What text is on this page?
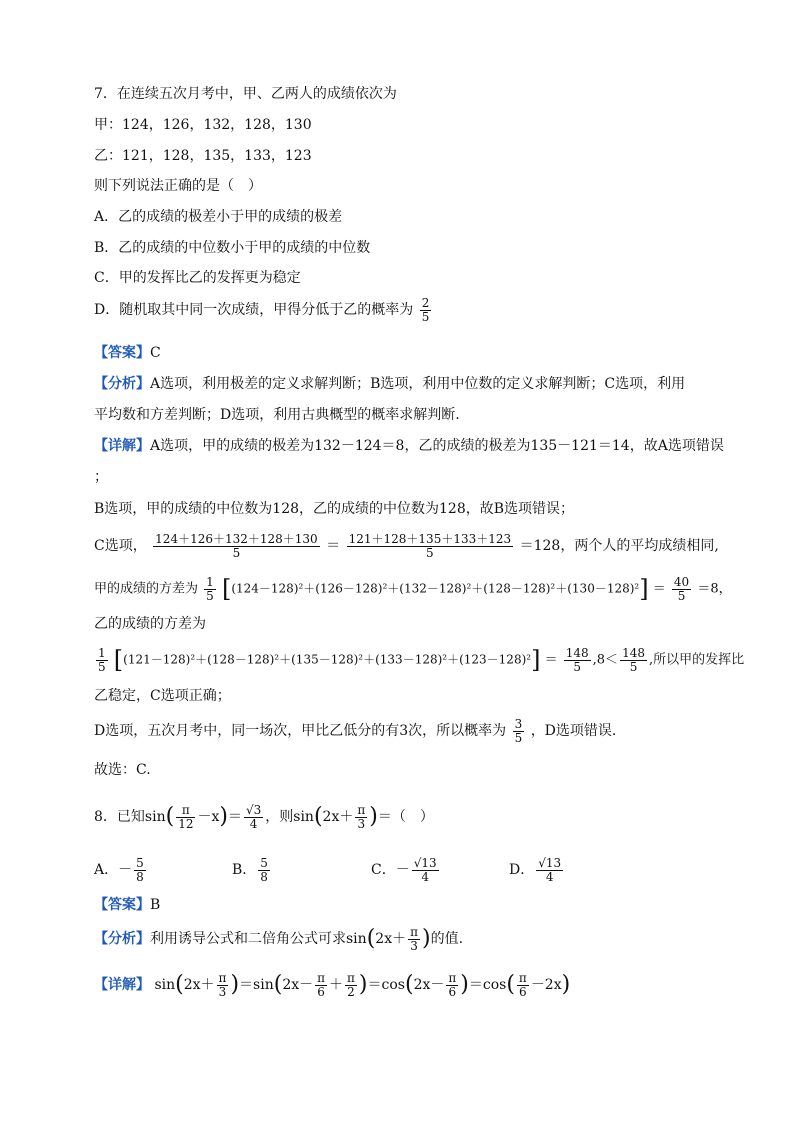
7．在连续五次月考中，甲、乙两人的成绩依次为
甲：124，126，132，128，130
乙：121，128，135，133，123
则下列说法正确的是（　）
A．乙的成绩的极差小于甲的成绩的极差
B．乙的成绩的中位数小于甲的成绩的中位数
C．甲的发挥比乙的发挥更为稳定
D．随机取其中同一次成绩，甲得分低于乙的概率为 $\frac{2}{5}$
【答案】C
【分析】A选项，利用极差的定义求解判断；B选项，利用中位数的定义求解判断；C选项，利用
平均数和方差判断；D选项，利用古典概型的概率求解判断.
【详解】A选项，甲的成绩的极差为132－124＝8，乙的成绩的极差为135－121＝14，故A选项错误
；
B选项，甲的成绩的中位数为128，乙的成绩的中位数为128，故B选项错误；
C选项， $\frac{124+126+132+128+130}{5} = \frac{121+128+135+133+123}{5} =128$，两个人的平均成绩相同,
甲的成绩的方差为 $\frac{1}{5} [(124-128)^2+(126-128)^2+(132-128)^2+(128-128)^2+(130-128)^2] = \frac{40}{5} =8$，
乙的成绩的方差为
$\frac{1}{5} [(121-128)^2+(128-128)^2+(135-128)^2+(133-128)^2+(123-128)^2] = \frac{148}{5} ,8< \frac{148}{5}$ ,所以甲的发挥比
乙稳定，C选项正确；
D选项，五次月考中，同一场次，甲比乙低分的有3次，所以概率为 $\frac{3}{5}$ ，D选项错误.
故选：C.
8．已知$\sin( \frac{\pi}{12} -x)= \frac{√3}{4}$ ，则$\sin(2x+ \frac{\pi}{3}$ )＝（　）
A．－ $\frac{5}{8}$	B． $\frac{5}{8}$	C．－ $\frac{√13}{4}$	D． $\frac{√13}{4}$
【答案】B
【分析】利用诱导公式和二倍角公式可求$\sin(2x+ \frac{\pi}{3}$ )的值.
【详解】 $\sin(2x+ \frac{\pi}{3} )=\sin(2x- \frac{\pi}{6} + \frac{\pi}{2} )=\cos(2x- \frac{\pi}{6} )=\cos( \frac{\pi}{6} -2x)$
